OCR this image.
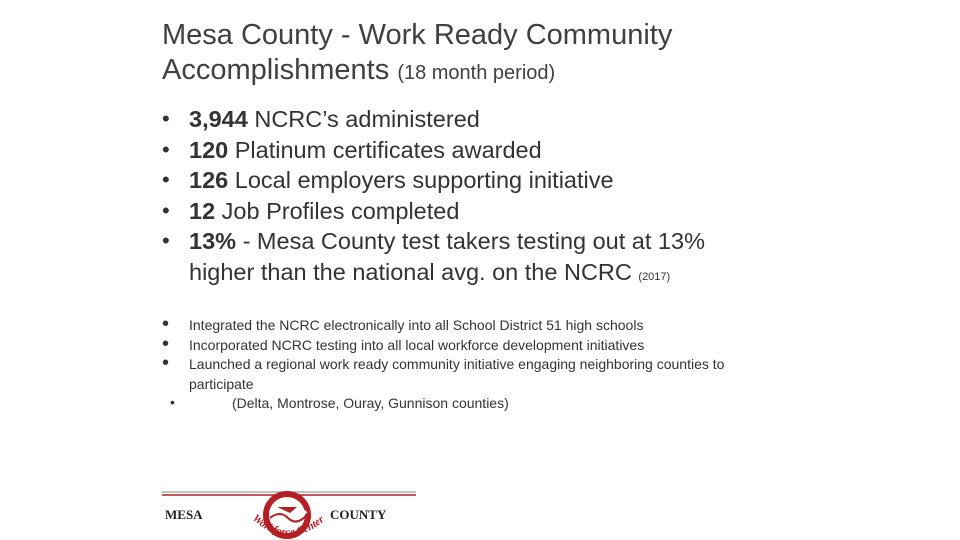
Mesa County - Work Ready Community
Accomplishments (18 month period)
• 3,944 NCRC’s administered
• 120 Platinum certificates awarded
• 126 Local employers supporting initiative
• 12 Job Profiles completed
• 13% - Mesa County test takers testing out at 13%
higher than the national avg. on the NCRC (2017)
• Integrated the NCRC electronically into all School District 51 high schools
• Incorporated NCRC testing into all local workforce development initiatives
• Launched a regional work ready community initiative engaging neighboring counties to participate
•	(Delta, Montrose, Ouray, Gunnison counties)
MESA	COUNTY
Workforce Center
